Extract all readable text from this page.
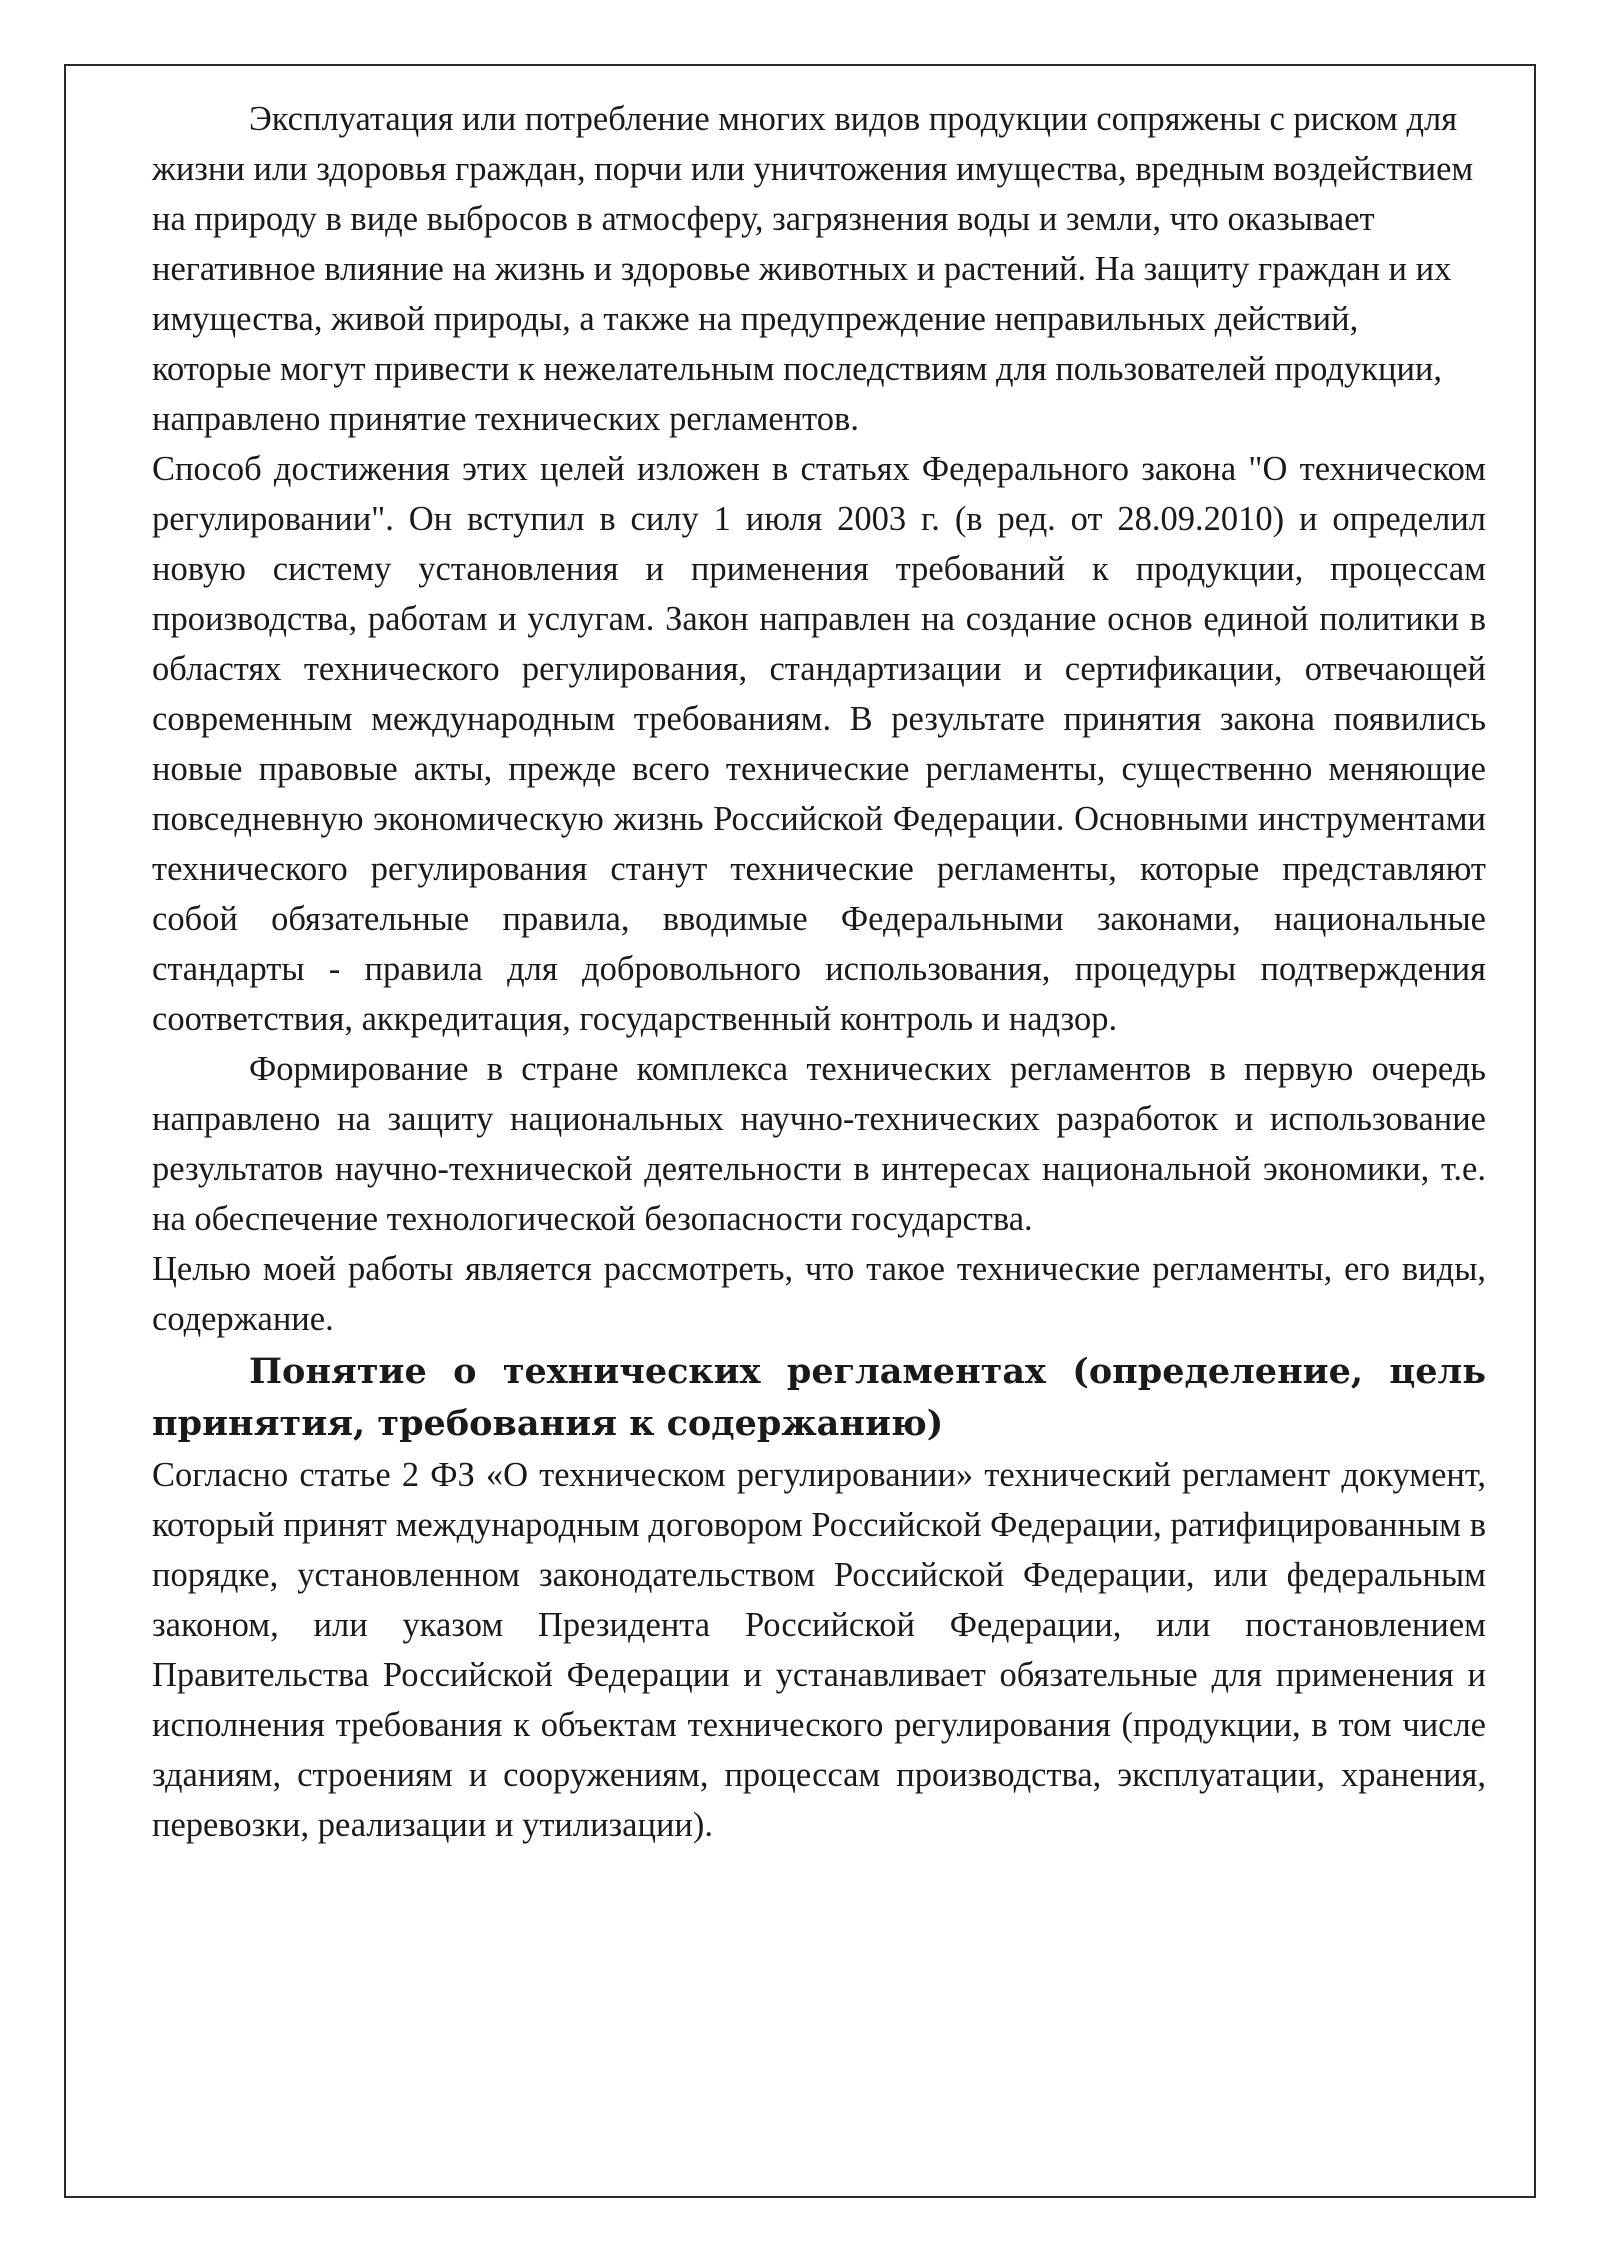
Эксплуатация или потребление многих видов продукции сопряжены с риском для жизни или здоровья граждан, порчи или уничтожения имущества, вредным воздействием на природу в виде выбросов в атмосферу, загрязнения воды и земли, что оказывает негативное влияние на жизнь и здоровье животных и растений. На защиту граждан и их имущества, живой природы, а также на предупреждение неправильных действий, которые могут привести к нежелательным последствиям для пользователей продукции, направлено принятие технических регламентов.

Способ достижения этих целей изложен в статьях Федерального закона "О техническом регулировании". Он вступил в силу 1 июля 2003 г. (в ред. от 28.09.2010) и определил новую систему установления и применения требований к продукции, процессам производства, работам и услугам. Закон направлен на создание основ единой политики в областях технического регулирования, стандартизации и сертификации, отвечающей современным международным требованиям. В результате принятия закона появились новые правовые акты, прежде всего технические регламенты, существенно меняющие повседневную экономическую жизнь Российской Федерации. Основными инструментами технического регулирования станут технические регламенты, которые представляют собой обязательные правила, вводимые Федеральными законами, национальные стандарты - правила для добровольного использования, процедуры подтверждения соответствия, аккредитация, государственный контроль и надзор.

Формирование в стране комплекса технических регламентов в первую очередь направлено на защиту национальных научно-технических разработок и использование результатов научно-технической деятельности в интересах национальной экономики, т.е. на обеспечение технологической безопасности государства.

Целью моей работы является рассмотреть, что такое технические регламенты, его виды, содержание.

Понятие о технических регламентах (определение, цель принятия, требования к содержанию)

Согласно статье 2 ФЗ «О техническом регулировании» технический регламент документ, который принят международным договором Российской Федерации, ратифицированным в порядке, установленном законодательством Российской Федерации, или федеральным законом, или указом Президента Российской Федерации, или постановлением Правительства Российской Федерации и устанавливает обязательные для применения и исполнения требования к объектам технического регулирования (продукции, в том числе зданиям, строениям и сооружениям, процессам производства, эксплуатации, хранения, перевозки, реализации и утилизации).
